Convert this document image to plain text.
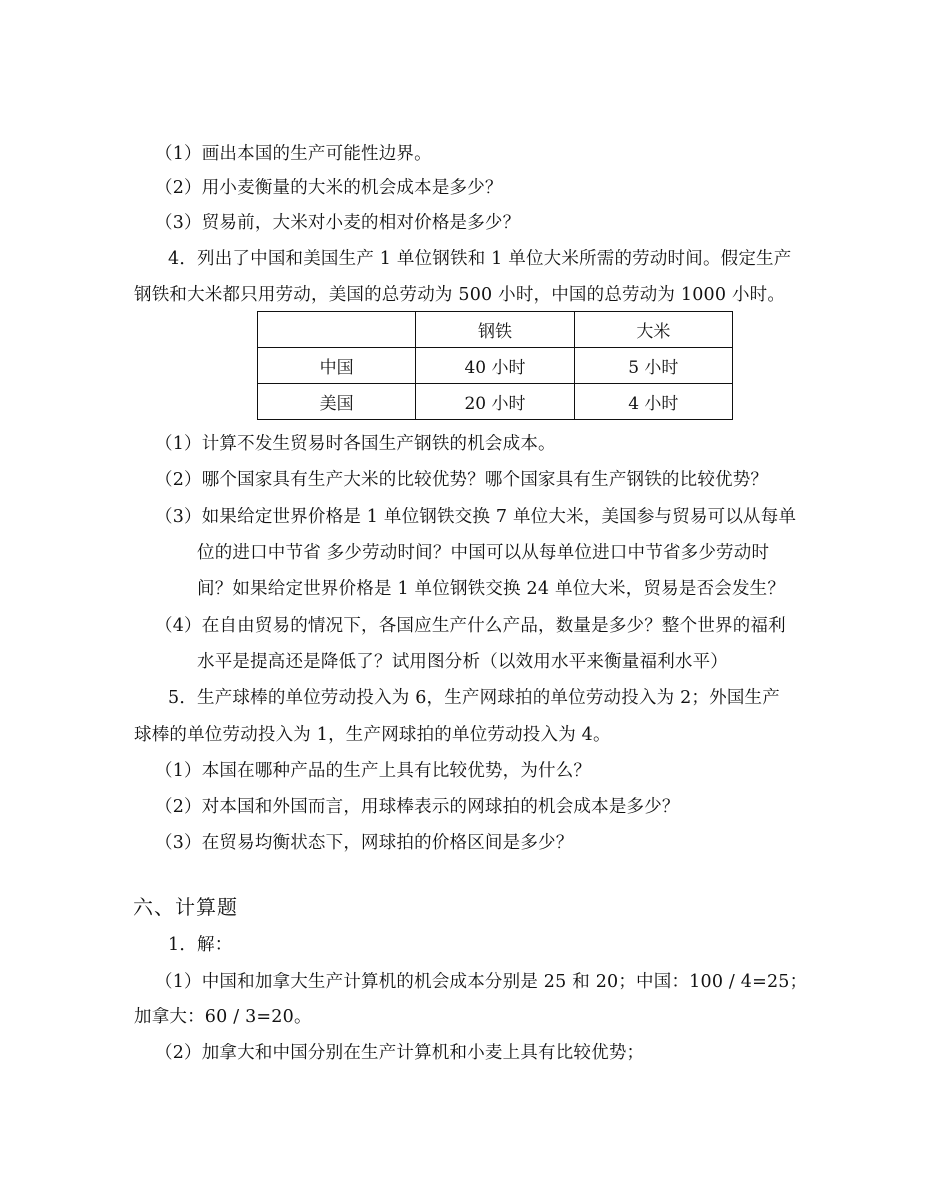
（1）画出本国的生产可能性边界。
（2）用小麦衡量的大米的机会成本是多少？
（3）贸易前，大米对小麦的相对价格是多少？
4．列出了中国和美国生产 1 单位钢铁和 1 单位大米所需的劳动时间。假定生产
钢铁和大米都只用劳动，美国的总劳动为 500 小时，中国的总劳动为 1000 小时。
	钢铁	大米
中国	40 小时	5 小时
美国	20 小时	4 小时
（1）计算不发生贸易时各国生产钢铁的机会成本。
（2）哪个国家具有生产大米的比较优势？哪个国家具有生产钢铁的比较优势？
（3）如果给定世界价格是 1 单位钢铁交换 7 单位大米，美国参与贸易可以从每单
位的进口中节省 多少劳动时间？中国可以从每单位进口中节省多少劳动时
间？如果给定世界价格是 1 单位钢铁交换 24 单位大米，贸易是否会发生？
（4）在自由贸易的情况下，各国应生产什么产品，数量是多少？整个世界的福利
水平是提高还是降低了？试用图分析（以效用水平来衡量福利水平）
5．生产球棒的单位劳动投入为 6，生产网球拍的单位劳动投入为 2；外国生产
球棒的单位劳动投入为 1，生产网球拍的单位劳动投入为 4。
（1）本国在哪种产品的生产上具有比较优势，为什么？
（2）对本国和外国而言，用球棒表示的网球拍的机会成本是多少？
（3）在贸易均衡状态下，网球拍的价格区间是多少？
六、计算题
1．解：
（1）中国和加拿大生产计算机的机会成本分别是 25 和 20；中国：100 / 4=25；
加拿大：60 / 3=20。
（2）加拿大和中国分别在生产计算机和小麦上具有比较优势；
